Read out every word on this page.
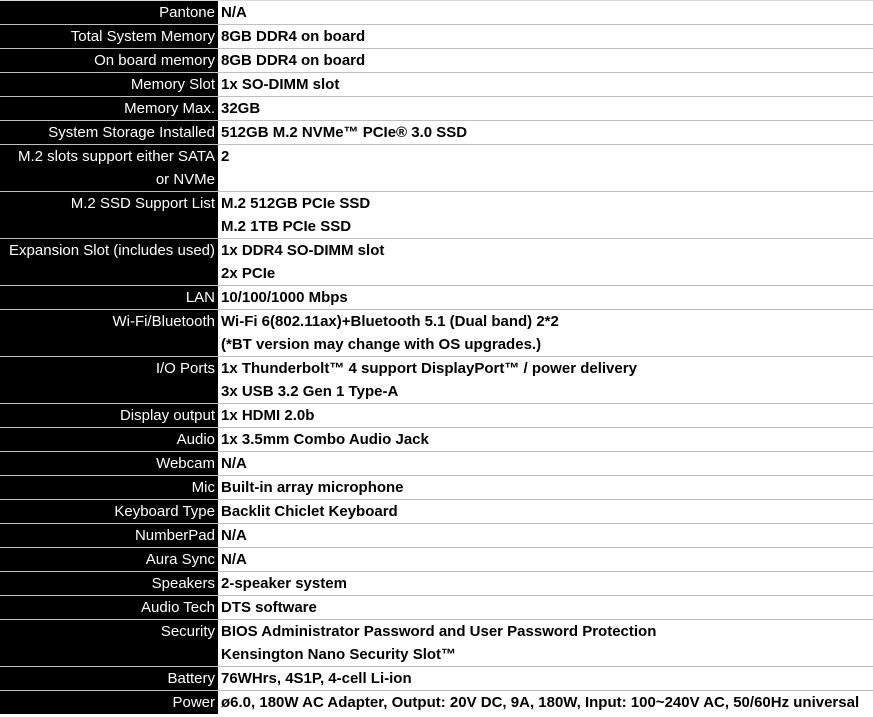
Pantone	N/A

Total System Memory	8GB DDR4 on board

On board memory	8GB DDR4 on board

Memory Slot	1x SO-DIMM slot

Memory Max.	32GB

System Storage Installed	512GB M.2 NVMe™ PCIe® 3.0 SSD

M.2 slots support either SATA
or NVMe	2

M.2 SSD Support List	M.2 512GB PCIe SSD
M.2 1TB PCIe SSD

Expansion Slot (includes used)	1x DDR4 SO-DIMM slot
2x PCIe

LAN	10/100/1000 Mbps

Wi-Fi/Bluetooth	Wi-Fi 6(802.11ax)+Bluetooth 5.1 (Dual band) 2*2
(*BT version may change with OS upgrades.)

I/O Ports	1x Thunderbolt™ 4 support DisplayPort™ / power delivery
3x USB 3.2 Gen 1 Type-A

Display output	1x HDMI 2.0b

Audio	1x 3.5mm Combo Audio Jack

Webcam	N/A

Mic	Built-in array microphone

Keyboard Type	Backlit Chiclet Keyboard

NumberPad	N/A

Aura Sync	N/A

Speakers	2-speaker system

Audio Tech	DTS software

Security	BIOS Administrator Password and User Password Protection
Kensington Nano Security Slot™

Battery	76WHrs, 4S1P, 4-cell Li-ion

Power	ø6.0, 180W AC Adapter, Output: 20V DC, 9A, 180W, Input: 100~240V AC, 50/60Hz universal
